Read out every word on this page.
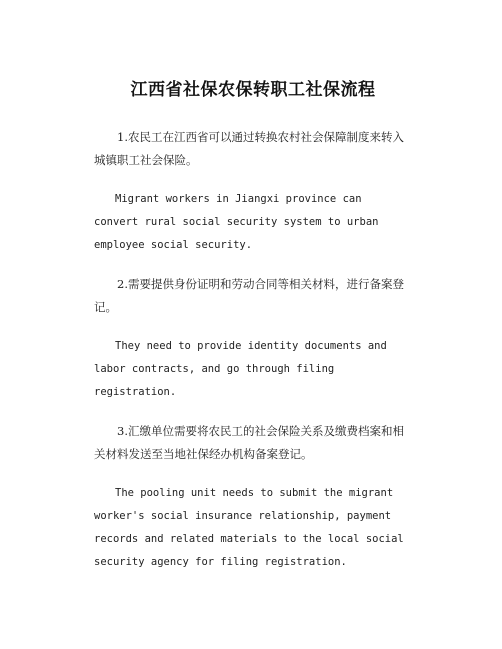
江西省社保农保转职工社保流程

1.农民工在江西省可以通过转换农村社会保障制度来转入城镇职工社会保险。

Migrant workers in Jiangxi province can convert rural social security system to urban employee social security.

2.需要提供身份证明和劳动合同等相关材料，进行备案登记。

They need to provide identity documents and labor contracts, and go through filing registration.

3.汇缴单位需要将农民工的社会保险关系及缴费档案和相关材料发送至当地社保经办机构备案登记。

The pooling unit needs to submit the migrant worker's social insurance relationship, payment records and related materials to the local social security agency for filing registration.
